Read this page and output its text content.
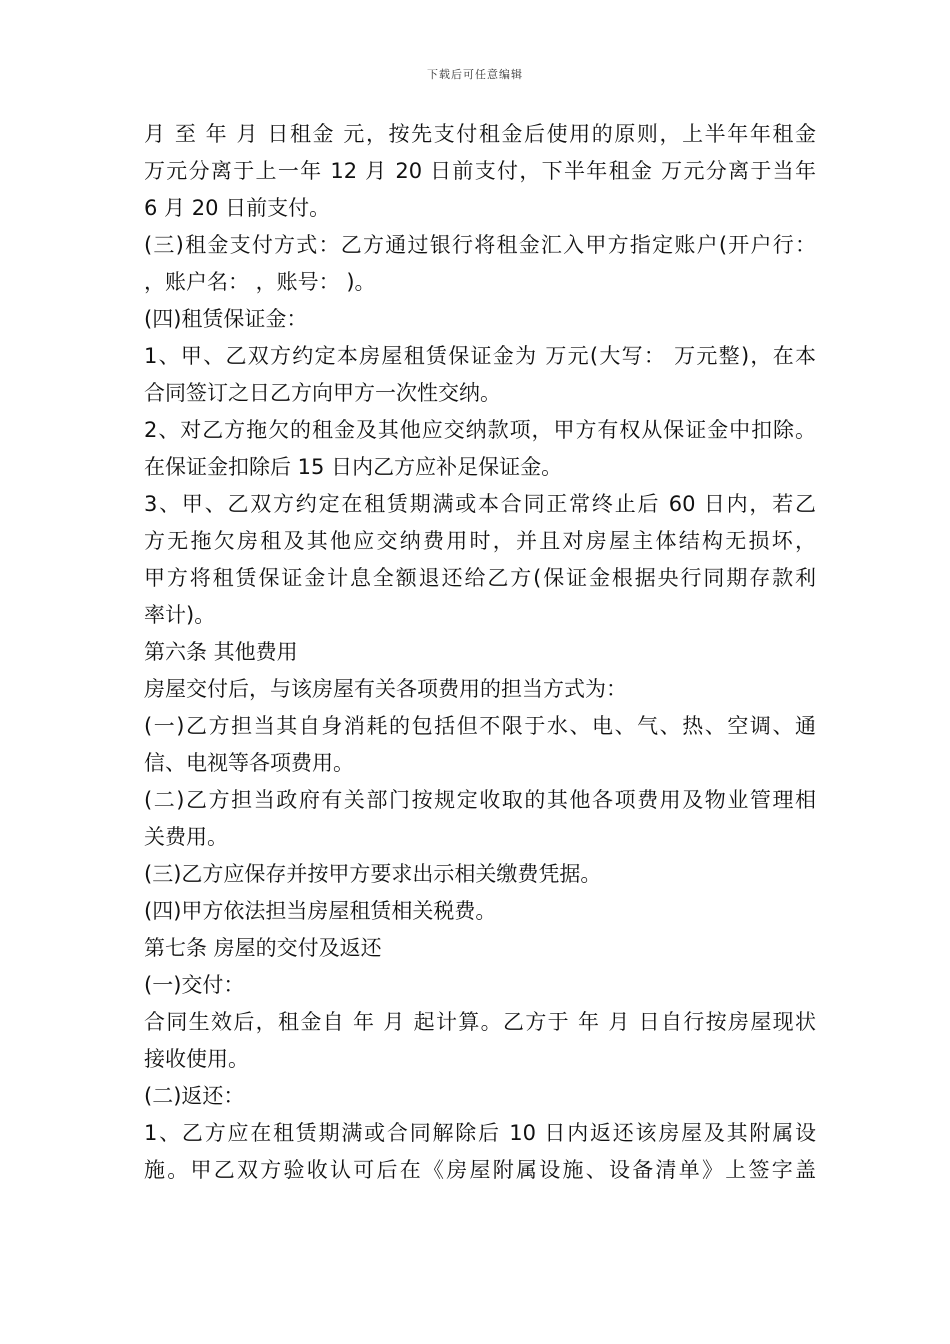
下载后可任意编辑
月 至 年 月 日租金 元，按先支付租金后使用的原则，上半年年租金
万元分离于上一年 12 月 20 日前支付，下半年租金 万元分离于当年
6 月 20 日前支付。
(三)租金支付方式：乙方通过银行将租金汇入甲方指定账户(开户行：
，账户名： ，账号： )。
(四)租赁保证金：
1、甲、乙双方约定本房屋租赁保证金为 万元(大写： 万元整)，在本
合同签订之日乙方向甲方一次性交纳。
2、对乙方拖欠的租金及其他应交纳款项，甲方有权从保证金中扣除。
在保证金扣除后 15 日内乙方应补足保证金。
3、甲、乙双方约定在租赁期满或本合同正常终止后 60 日内，若乙
方无拖欠房租及其他应交纳费用时，并且对房屋主体结构无损坏，
甲方将租赁保证金计息全额退还给乙方(保证金根据央行同期存款利
率计)。
第六条 其他费用
房屋交付后，与该房屋有关各项费用的担当方式为：
(一)乙方担当其自身消耗的包括但不限于水、电、气、热、空调、通
信、电视等各项费用。
(二)乙方担当政府有关部门按规定收取的其他各项费用及物业管理相
关费用。
(三)乙方应保存并按甲方要求出示相关缴费凭据。
(四)甲方依法担当房屋租赁相关税费。
第七条 房屋的交付及返还
(一)交付：
合同生效后，租金自 年 月 起计算。乙方于 年 月 日自行按房屋现状
接收使用。
(二)返还：
1、乙方应在租赁期满或合同解除后 10 日内返还该房屋及其附属设
施。甲乙双方验收认可后在《房屋附属设施、设备清单》上签字盖
